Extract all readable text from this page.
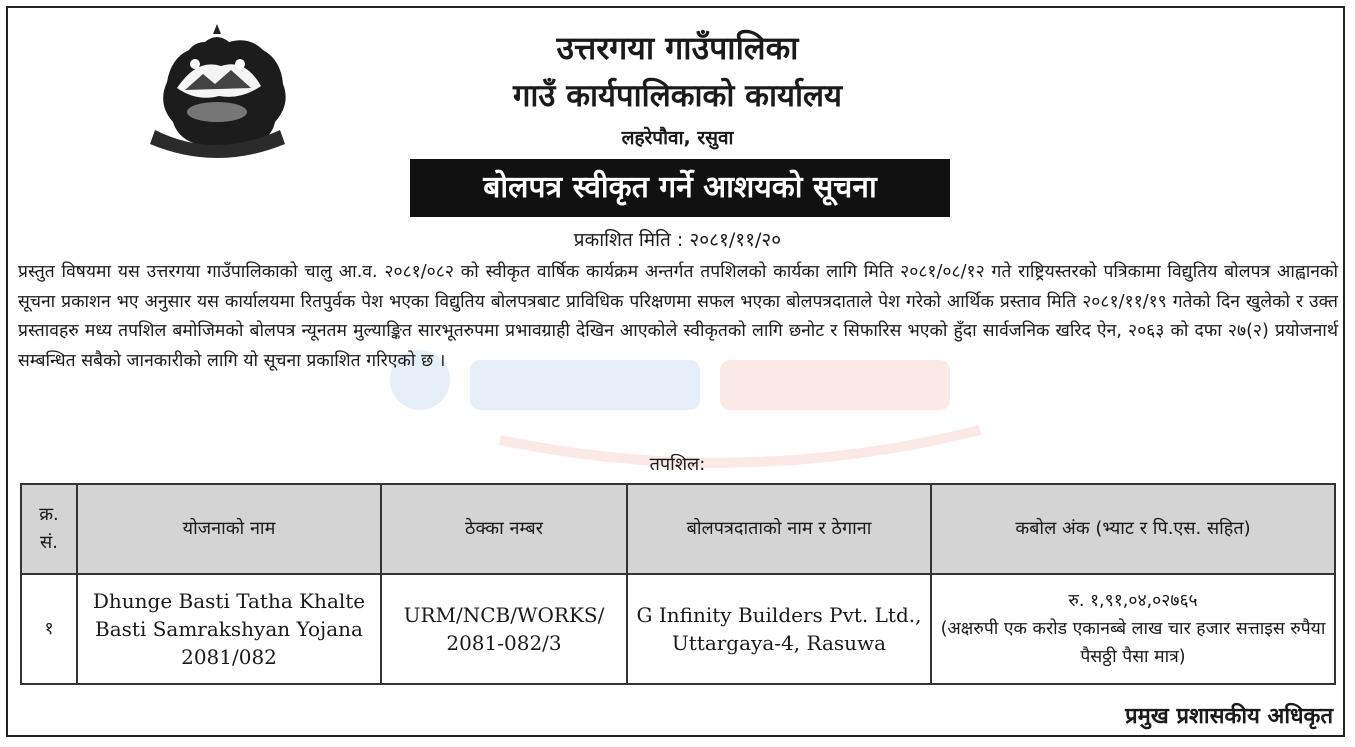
उत्तरगया गाउँपालिका
गाउँ कार्यपालिकाको कार्यालय
लहरेपौवा, रसुवा
बोलपत्र स्वीकृत गर्ने आशयको सूचना
प्रकाशित मिति : २०८१/११/२०
प्रस्तुत विषयमा यस उत्तरगया गाउँपालिकाको चालु आ.व. २०८१/०८२ को स्वीकृत वार्षिक कार्यक्रम अन्तर्गत तपशिलको कार्यका लागि मिति २०८१/०८/१२ गते राष्ट्रियस्तरको पत्रिकामा विद्युतिय बोलपत्र आह्वानको सूचना प्रकाशन भए अनुसार यस कार्यालयमा रितपुर्वक पेश भएका विद्युतिय बोलपत्रबाट प्राविधिक परिक्षणमा सफल भएका बोलपत्रदाताले पेश गरेको आर्थिक प्रस्ताव मिति २०८१/११/१९ गतेको दिन खुलेको र उक्त प्रस्तावहरु मध्य तपशिल बमोजिमको बोलपत्र न्यूनतम मुल्याङ्कित सारभूतरुपमा प्रभावग्राही देखिन आएकोले स्वीकृतको लागि छनोट र सिफारिस भएको हुँदा सार्वजनिक खरिद ऐन, २०६३ को दफा २७(२) प्रयोजनार्थ सम्बन्धित सबैको जानकारीको लागि यो सूचना प्रकाशित गरिएको छ ।
तपशिल:
क्र. सं.	योजनाको नाम	ठेक्का नम्बर	बोलपत्रदाताको नाम र ठेगाना	कबोल अंक (भ्याट र पि.एस. सहित)
१	Dhunge Basti Tatha Khalte Basti Samrakshyan Yojana 2081/082	URM/NCB/WORKS/ 2081-082/3	G Infinity Builders Pvt. Ltd., Uttargaya-4, Rasuwa	रु. १,९१,०४,०२७६५
(अक्षरुपी एक करोड एकानब्बे लाख चार हजार सत्ताइस रुपैया पैसठ्ठी पैसा मात्र)
प्रमुख प्रशासकीय अधिकृत
